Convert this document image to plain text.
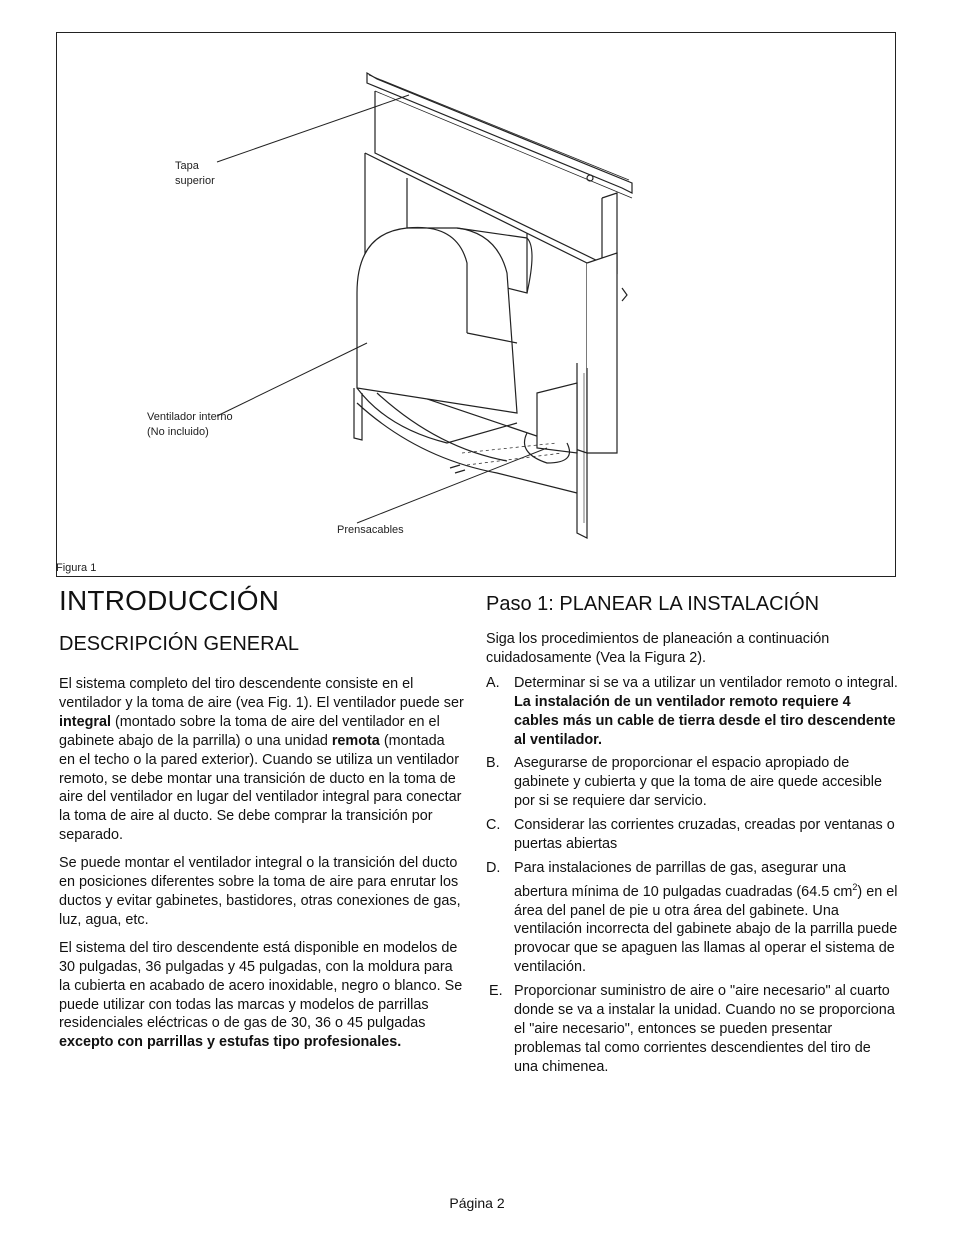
Tapa
superior
Ventilador interno
(No incluido)
Prensacables
Figura 1
INTRODUCCIÓN
DESCRIPCIÓN GENERAL

El sistema completo del tiro descendente consiste en el ventilador y la toma de aire (vea Fig. 1). El ventilador puede ser integral (montado sobre la toma de aire del ventilador en el gabinete abajo de la parrilla) o una unidad remota (montada en el techo o la pared exterior). Cuando se utiliza un ventilador remoto, se debe montar una transición de ducto en la toma de aire del ventilador en lugar del ventilador integral para conectar la toma de aire al ducto. Se debe comprar la transición por separado.

Se puede montar el ventilador integral o la transición del ducto en posiciones diferentes sobre la toma de aire para enrutar los ductos y evitar gabinetes, bastidores, otras conexiones de gas, luz, agua, etc.

El sistema del tiro descendente está disponible en modelos de 30 pulgadas, 36 pulgadas y 45 pulgadas, con la moldura para la cubierta en acabado de acero inoxidable, negro o blanco. Se puede utilizar con todas las marcas y modelos de parrillas residenciales eléctricas o de gas de 30, 36 o 45 pulgadas excepto con parrillas y estufas tipo profesionales.

Paso 1: PLANEAR LA INSTALACIÓN

Siga los procedimientos de planeación a continuación cuidadosamente (Vea la Figura 2).

A. Determinar si se va a utilizar un ventilador remoto o integral. La instalación de un ventilador remoto requiere 4 cables más un cable de tierra desde el tiro descendente al ventilador.
B. Asegurarse de proporcionar el espacio apropiado de gabinete y cubierta y que la toma de aire quede accesible por si se requiere dar servicio.
C. Considerar las corrientes cruzadas, creadas por ventanas o puertas abiertas
D. Para instalaciones de parrillas de gas, asegurar una abertura mínima de 10 pulgadas cuadradas (64.5 $cm^2$) en el área del panel de pie u otra área del gabinete. Una ventilación incorrecta del gabinete abajo de la parrilla puede provocar que se apaguen las llamas al operar el sistema de ventilación.
E. Proporcionar suministro de aire o "aire necesario" al cuarto donde se va a instalar la unidad. Cuando no se proporciona el "aire necesario", entonces se pueden presentar problemas tal como corrientes descendientes del tiro de una chimenea.
Página 2
